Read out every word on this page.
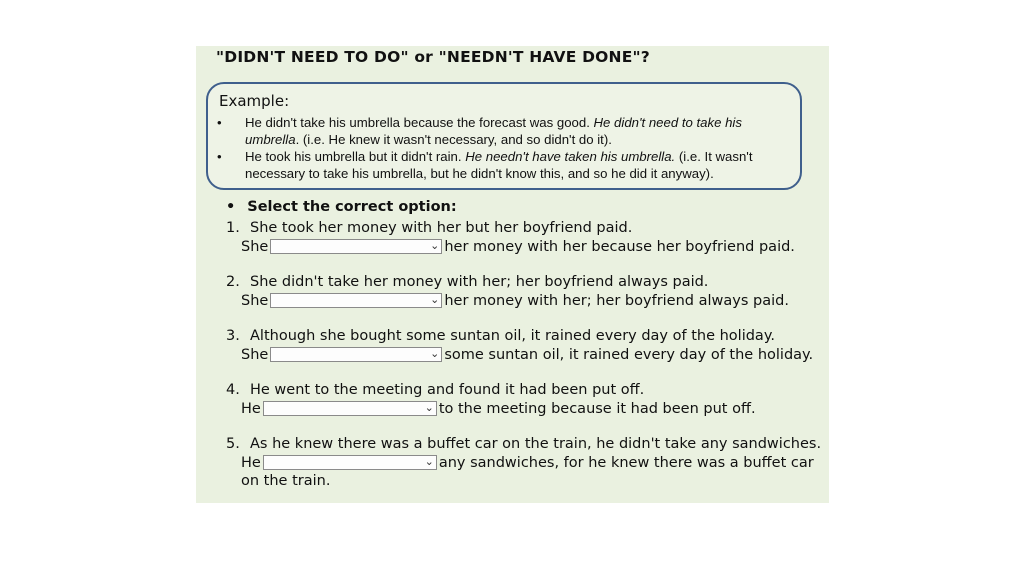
"DIDN'T NEED TO DO" or "NEEDN'T HAVE DONE"?
Example:
• He didn't take his umbrella because the forecast was good. He didn't need to take his umbrella. (i.e. He knew it wasn't necessary, and so didn't do it).
• He took his umbrella but it didn't rain. He needn't have taken his umbrella. (i.e. It wasn't necessary to take his umbrella, but he didn't know this, and so he did it anyway).
• Select the correct option:
1. She took her money with her but her boyfriend paid.
She	⌄ her money with her because her boyfriend paid.
2. She didn't take her money with her; her boyfriend always paid.
She	⌄ her money with her; her boyfriend always paid.
3. Although she bought some suntan oil, it rained every day of the holiday.
She	⌄ some suntan oil, it rained every day of the holiday.
4. He went to the meeting and found it had been put off.
He	⌄ to the meeting because it had been put off.
5. As he knew there was a buffet car on the train, he didn't take any sandwiches.
He	⌄ any sandwiches, for he knew there was a buffet car
on the train.
